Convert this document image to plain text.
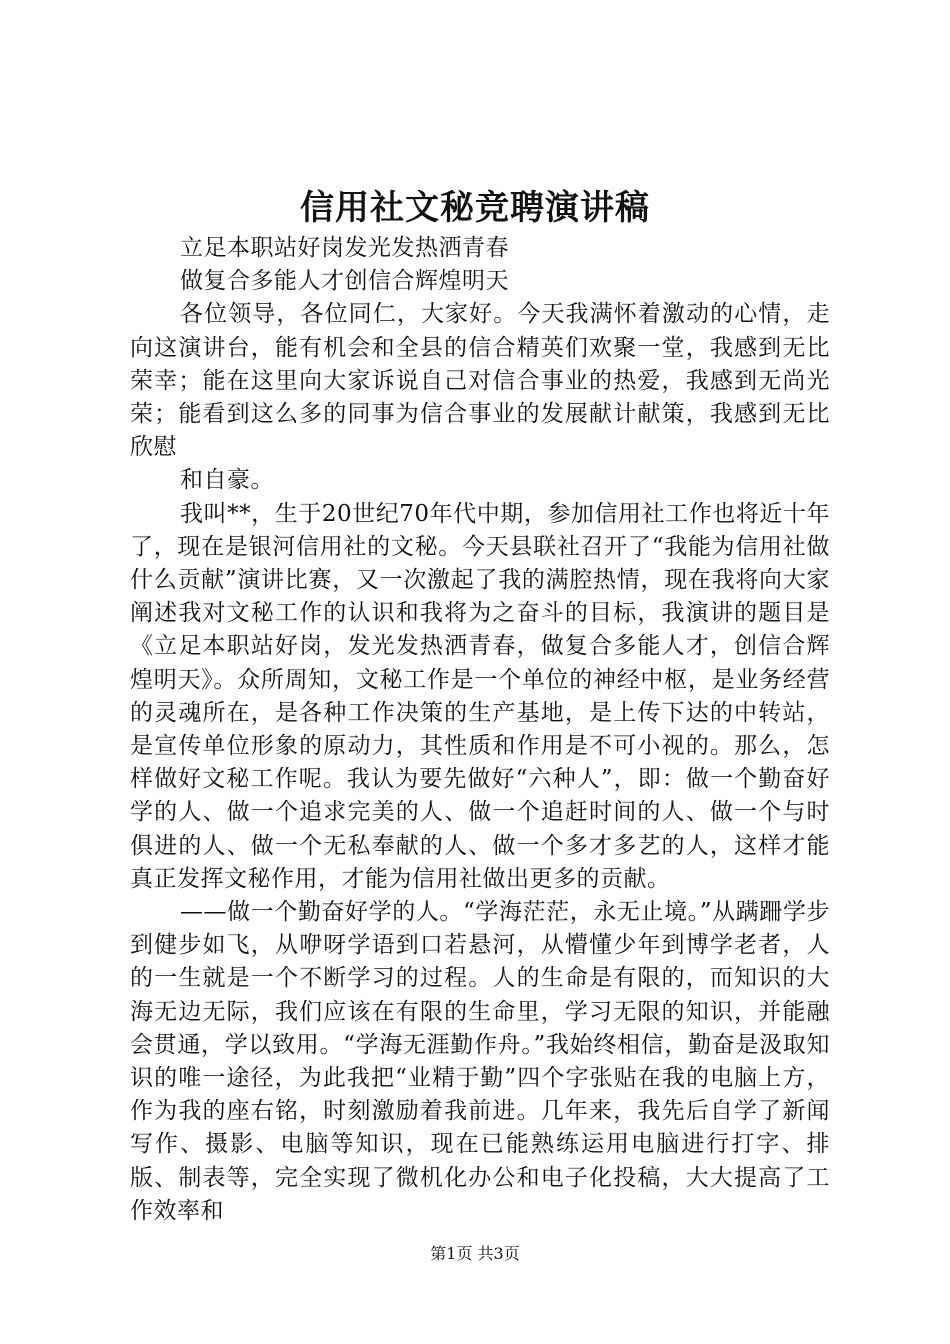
信用社文秘竞聘演讲稿

立足本职站好岗发光发热洒青春

做复合多能人才创信合辉煌明天

各位领导，各位同仁，大家好。今天我满怀着激动的心情，走向这演讲台，能有机会和全县的信合精英们欢聚一堂，我感到无比荣幸；能在这里向大家诉说自己对信合事业的热爱，我感到无尚光荣；能看到这么多的同事为信合事业的发展献计献策，我感到无比欣慰

和自豪。

我叫**，生于20世纪70年代中期，参加信用社工作也将近十年了，现在是银河信用社的文秘。今天县联社召开了“我能为信用社做什么贡献”演讲比赛，又一次激起了我的满腔热情，现在我将向大家阐述我对文秘工作的认识和我将为之奋斗的目标，我演讲的题目是《立足本职站好岗，发光发热洒青春，做复合多能人才，创信合辉煌明天》。众所周知，文秘工作是一个单位的神经中枢，是业务经营的灵魂所在，是各种工作决策的生产基地，是上传下达的中转站，是宣传单位形象的原动力，其性质和作用是不可小视的。那么，怎样做好文秘工作呢。我认为要先做好“六种人”，即：做一个勤奋好学的人、做一个追求完美的人、做一个追赶时间的人、做一个与时俱进的人、做一个无私奉献的人、做一个多才多艺的人，这样才能真正发挥文秘作用，才能为信用社做出更多的贡献。

——做一个勤奋好学的人。“学海茫茫，永无止境。”从蹒跚学步到健步如飞，从咿呀学语到口若悬河，从懵懂少年到博学老者，人的一生就是一个不断学习的过程。人的生命是有限的，而知识的大海无边无际，我们应该在有限的生命里，学习无限的知识，并能融会贯通，学以致用。“学海无涯勤作舟。”我始终相信，勤奋是汲取知识的唯一途径，为此我把“业精于勤”四个字张贴在我的电脑上方，作为我的座右铭，时刻激励着我前进。几年来，我先后自学了新闻写作、摄影、电脑等知识，现在已能熟练运用电脑进行打字、排版、制表等，完全实现了微机化办公和电子化投稿，大大提高了工作效率和

第1页 共3页
